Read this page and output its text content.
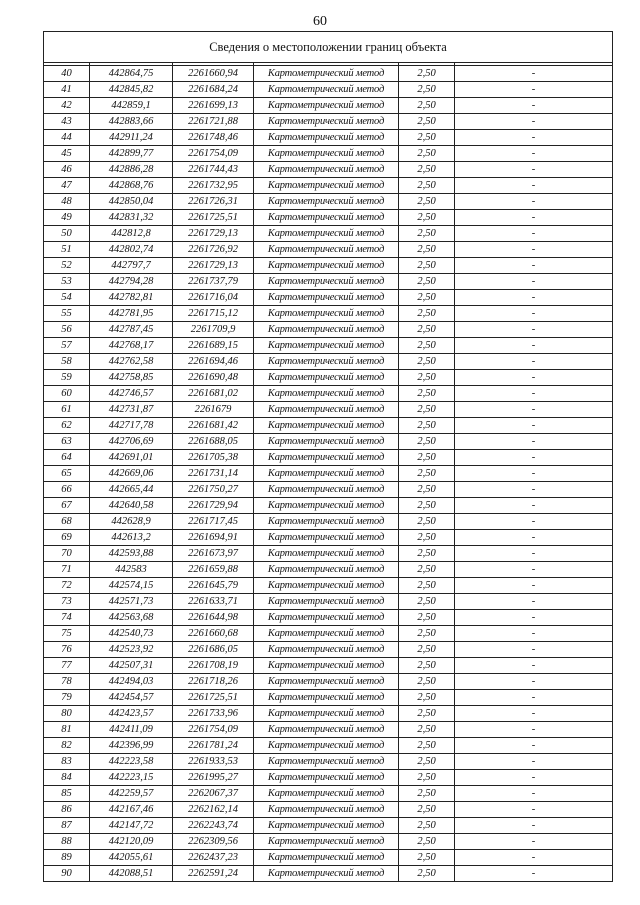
60
Сведения о местоположении границ объекта					

40	442864,75	2261660,94	Картометрический метод	2,50	-
41	442845,82	2261684,24	Картометрический метод	2,50	-
42	442859,1	2261699,13	Картометрический метод	2,50	-
43	442883,66	2261721,88	Картометрический метод	2,50	-
44	442911,24	2261748,46	Картометрический метод	2,50	-
45	442899,77	2261754,09	Картометрический метод	2,50	-
46	442886,28	2261744,43	Картометрический метод	2,50	-
47	442868,76	2261732,95	Картометрический метод	2,50	-
48	442850,04	2261726,31	Картометрический метод	2,50	-
49	442831,32	2261725,51	Картометрический метод	2,50	-
50	442812,8	2261729,13	Картометрический метод	2,50	-
51	442802,74	2261726,92	Картометрический метод	2,50	-
52	442797,7	2261729,13	Картометрический метод	2,50	-
53	442794,28	2261737,79	Картометрический метод	2,50	-
54	442782,81	2261716,04	Картометрический метод	2,50	-
55	442781,95	2261715,12	Картометрический метод	2,50	-
56	442787,45	2261709,9	Картометрический метод	2,50	-
57	442768,17	2261689,15	Картометрический метод	2,50	-
58	442762,58	2261694,46	Картометрический метод	2,50	-
59	442758,85	2261690,48	Картометрический метод	2,50	-
60	442746,57	2261681,02	Картометрический метод	2,50	-
61	442731,87	2261679	Картометрический метод	2,50	-
62	442717,78	2261681,42	Картометрический метод	2,50	-
63	442706,69	2261688,05	Картометрический метод	2,50	-
64	442691,01	2261705,38	Картометрический метод	2,50	-
65	442669,06	2261731,14	Картометрический метод	2,50	-
66	442665,44	2261750,27	Картометрический метод	2,50	-
67	442640,58	2261729,94	Картометрический метод	2,50	-
68	442628,9	2261717,45	Картометрический метод	2,50	-
69	442613,2	2261694,91	Картометрический метод	2,50	-
70	442593,88	2261673,97	Картометрический метод	2,50	-
71	442583	2261659,88	Картометрический метод	2,50	-
72	442574,15	2261645,79	Картометрический метод	2,50	-
73	442571,73	2261633,71	Картометрический метод	2,50	-
74	442563,68	2261644,98	Картометрический метод	2,50	-
75	442540,73	2261660,68	Картометрический метод	2,50	-
76	442523,92	2261686,05	Картометрический метод	2,50	-
77	442507,31	2261708,19	Картометрический метод	2,50	-
78	442494,03	2261718,26	Картометрический метод	2,50	-
79	442454,57	2261725,51	Картометрический метод	2,50	-
80	442423,57	2261733,96	Картометрический метод	2,50	-
81	442411,09	2261754,09	Картометрический метод	2,50	-
82	442396,99	2261781,24	Картометрический метод	2,50	-
83	442223,58	2261933,53	Картометрический метод	2,50	-
84	442223,15	2261995,27	Картометрический метод	2,50	-
85	442259,57	2262067,37	Картометрический метод	2,50	-
86	442167,46	2262162,14	Картометрический метод	2,50	-
87	442147,72	2262243,74	Картометрический метод	2,50	-
88	442120,09	2262309,56	Картометрический метод	2,50	-
89	442055,61	2262437,23	Картометрический метод	2,50	-
90	442088,51	2262591,24	Картометрический метод	2,50	-
